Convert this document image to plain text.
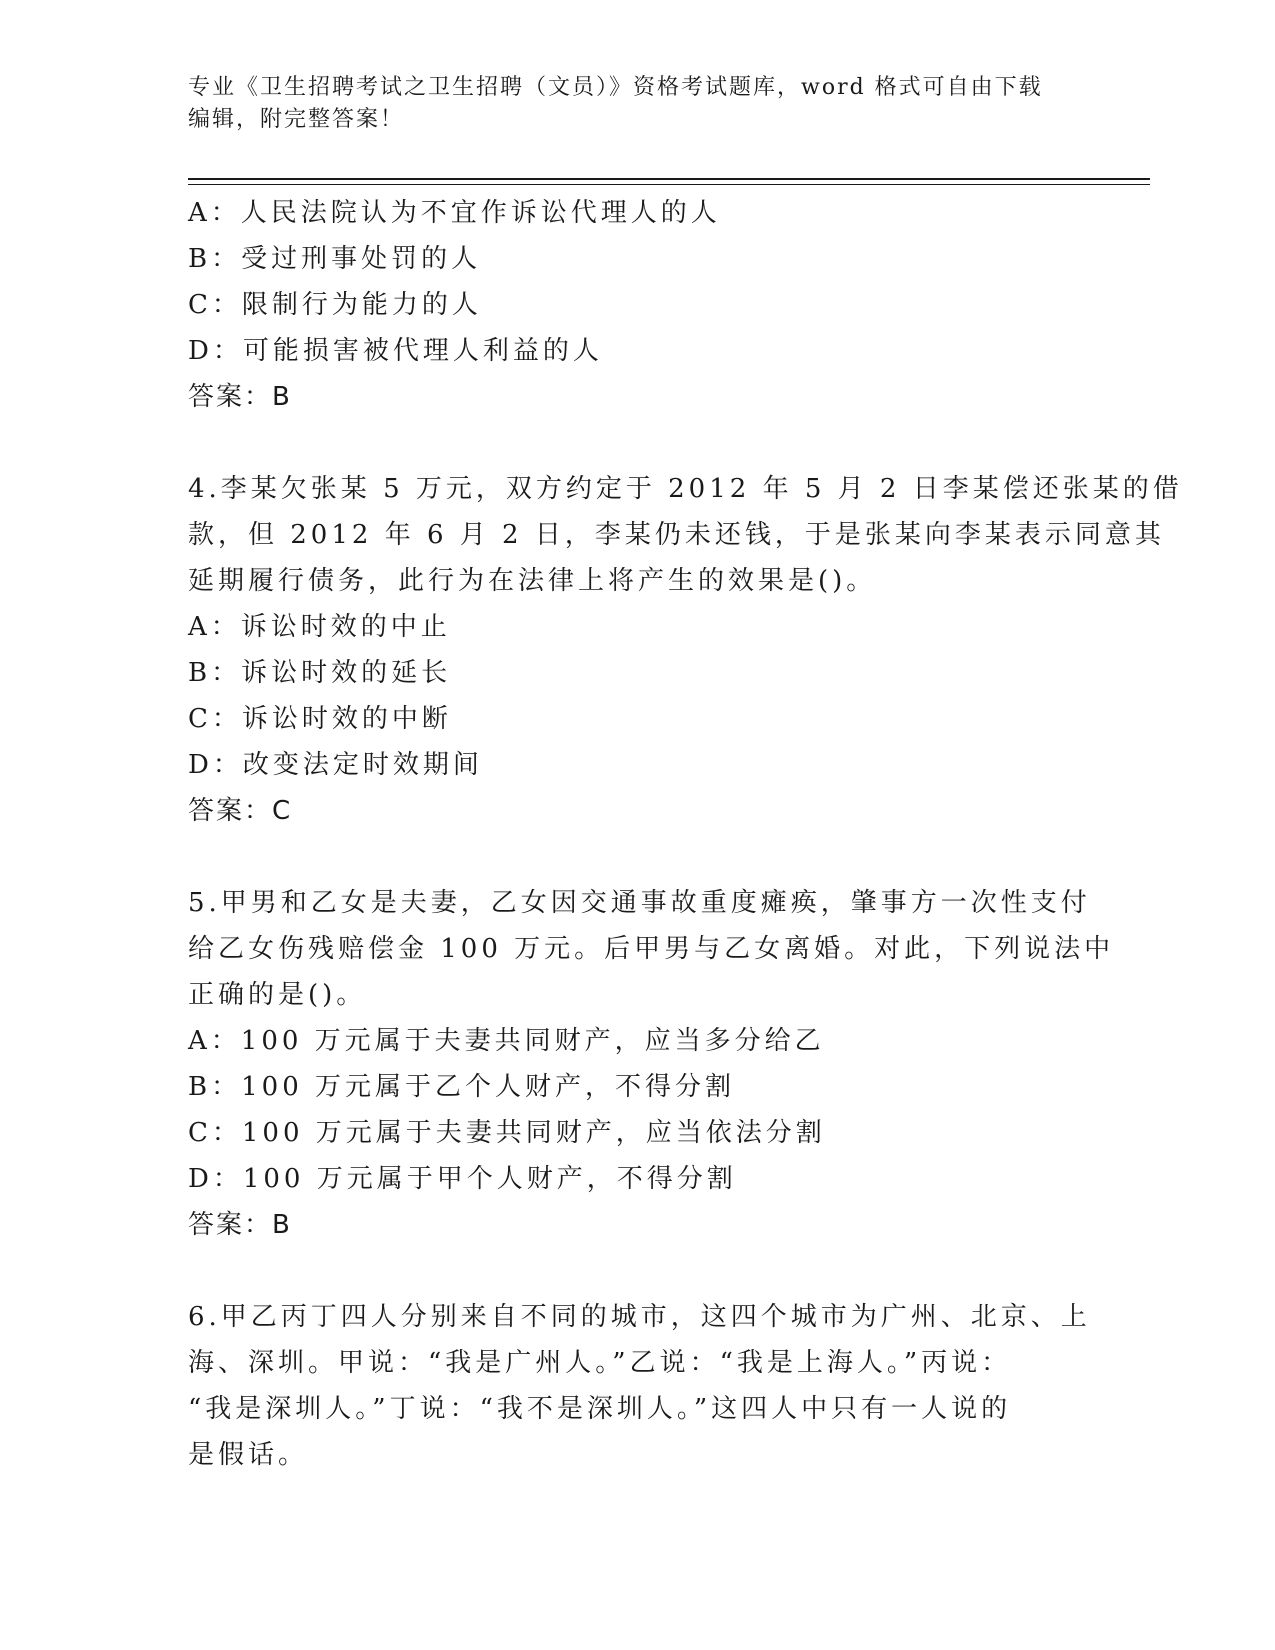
专业《卫生招聘考试之卫生招聘（文员）》资格考试题库，word 格式可自由下载
编辑，附完整答案！
A：人民法院认为不宜作诉讼代理人的人
B：受过刑事处罚的人
C：限制行为能力的人
D：可能损害被代理人利益的人
答案：B
4.李某欠张某 5 万元，双方约定于 2012 年 5 月 2 日李某偿还张某的借
款，但 2012 年 6 月 2 日，李某仍未还钱，于是张某向李某表示同意其
延期履行债务，此行为在法律上将产生的效果是()。
A：诉讼时效的中止
B：诉讼时效的延长
C：诉讼时效的中断
D：改变法定时效期间
答案：C
5.甲男和乙女是夫妻，乙女因交通事故重度瘫痪，肇事方一次性支付
给乙女伤残赔偿金 100 万元。后甲男与乙女离婚。对此，下列说法中
正确的是()。
A：100 万元属于夫妻共同财产，应当多分给乙
B：100 万元属于乙个人财产，不得分割
C：100 万元属于夫妻共同财产，应当依法分割
D：100 万元属于甲个人财产，不得分割
答案：B
6.甲乙丙丁四人分别来自不同的城市，这四个城市为广州、北京、上
海、深圳。甲说：“我是广州人。”乙说：“我是上海人。”丙说：
“我是深圳人。”丁说：“我不是深圳人。”这四人中只有一人说的
是假话。
